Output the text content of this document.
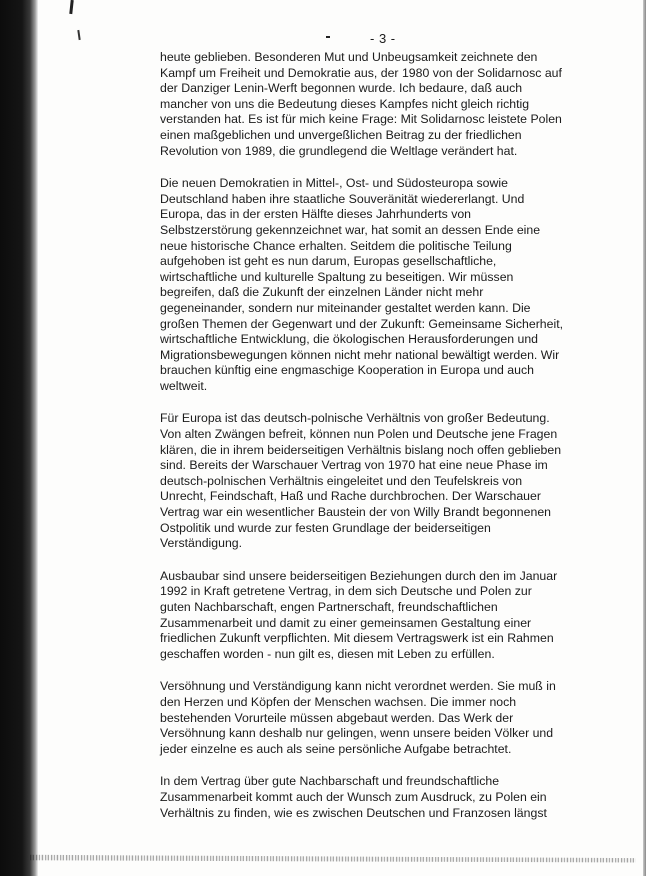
- 3 -

heute geblieben. Besonderen Mut und Unbeugsamkeit zeichnete den
Kampf um Freiheit und Demokratie aus, der 1980 von der Solidarnosc auf
der Danziger Lenin-Werft begonnen wurde. Ich bedaure, daß auch
mancher von uns die Bedeutung dieses Kampfes nicht gleich richtig
verstanden hat. Es ist für mich keine Frage: Mit Solidarnosc leistete Polen
einen maßgeblichen und unvergeßlichen Beitrag zu der friedlichen
Revolution von 1989, die grundlegend die Weltlage verändert hat.

Die neuen Demokratien in Mittel-, Ost- und Südosteuropa sowie
Deutschland haben ihre staatliche Souveränität wiedererlangt. Und
Europa, das in der ersten Hälfte dieses Jahrhunderts von
Selbstzerstörung gekennzeichnet war, hat somit an dessen Ende eine
neue historische Chance erhalten. Seitdem die politische Teilung
aufgehoben ist geht es nun darum, Europas gesellschaftliche,
wirtschaftliche und kulturelle Spaltung zu beseitigen. Wir müssen
begreifen, daß die Zukunft der einzelnen Länder nicht mehr
gegeneinander, sondern nur miteinander gestaltet werden kann. Die
großen Themen der Gegenwart und der Zukunft: Gemeinsame Sicherheit,
wirtschaftliche Entwicklung, die ökologischen Herausforderungen und
Migrationsbewegungen können nicht mehr national bewältigt werden. Wir
brauchen künftig eine engmaschige Kooperation in Europa und auch
weltweit.

Für Europa ist das deutsch-polnische Verhältnis von großer Bedeutung.
Von alten Zwängen befreit, können nun Polen und Deutsche jene Fragen
klären, die in ihrem beiderseitigen Verhältnis bislang noch offen geblieben
sind. Bereits der Warschauer Vertrag von 1970 hat eine neue Phase im
deutsch-polnischen Verhältnis eingeleitet und den Teufelskreis von
Unrecht, Feindschaft, Haß und Rache durchbrochen. Der Warschauer
Vertrag war ein wesentlicher Baustein der von Willy Brandt begonnenen
Ostpolitik und wurde zur festen Grundlage der beiderseitigen
Verständigung.

Ausbaubar sind unsere beiderseitigen Beziehungen durch den im Januar
1992 in Kraft getretene Vertrag, in dem sich Deutsche und Polen zur
guten Nachbarschaft, engen Partnerschaft, freundschaftlichen
Zusammenarbeit und damit zu einer gemeinsamen Gestaltung einer
friedlichen Zukunft verpflichten. Mit diesem Vertragswerk ist ein Rahmen
geschaffen worden - nun gilt es, diesen mit Leben zu erfüllen.

Versöhnung und Verständigung kann nicht verordnet werden. Sie muß in
den Herzen und Köpfen der Menschen wachsen. Die immer noch
bestehenden Vorurteile müssen abgebaut werden. Das Werk der
Versöhnung kann deshalb nur gelingen, wenn unsere beiden Völker und
jeder einzelne es auch als seine persönliche Aufgabe betrachtet.

In dem Vertrag über gute Nachbarschaft und freundschaftliche
Zusammenarbeit kommt auch der Wunsch zum Ausdruck, zu Polen ein
Verhältnis zu finden, wie es zwischen Deutschen und Franzosen längst
